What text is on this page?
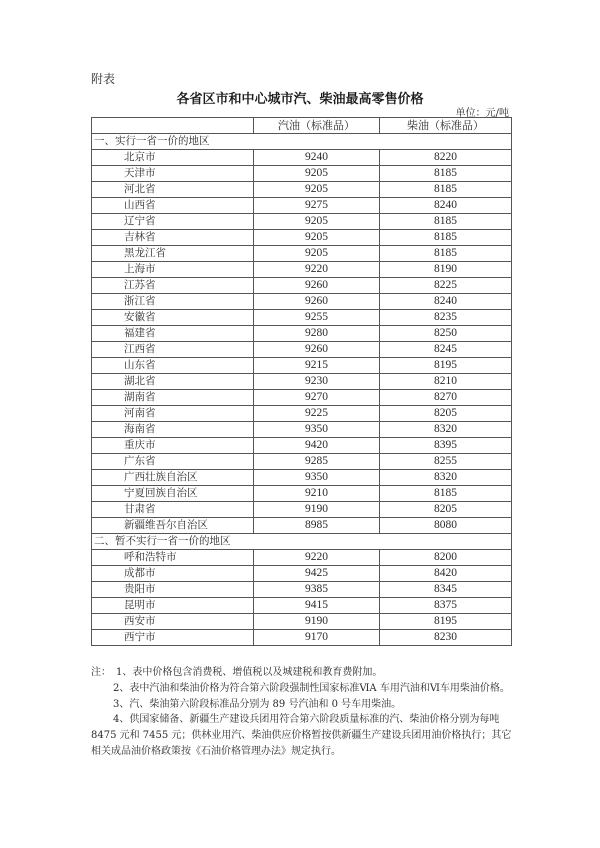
附表
各省区市和中心城市汽、柴油最高零售价格
单位：元/吨
	汽油（标准品）	柴油（标准品）
一、实行一省一价的地区		
北京市	9240	8220
天津市	9205	8185
河北省	9205	8185
山西省	9275	8240
辽宁省	9205	8185
吉林省	9205	8185
黑龙江省	9205	8185
上海市	9220	8190
江苏省	9260	8225
浙江省	9260	8240
安徽省	9255	8235
福建省	9280	8250
江西省	9260	8245
山东省	9215	8195
湖北省	9230	8210
湖南省	9270	8270
河南省	9225	8205
海南省	9350	8320
重庆市	9420	8395
广东省	9285	8255
广西壮族自治区	9350	8320
宁夏回族自治区	9210	8185
甘肃省	9190	8205
新疆维吾尔自治区	8985	8080
二、暂不实行一省一价的地区		
呼和浩特市	9220	8200
成都市	9425	8420
贵阳市	9385	8345
昆明市	9415	8375
西安市	9190	8195
西宁市	9170	8230

注：　1、表中价格包含消费税、增值税以及城建税和教育费附加。

2、表中汽油和柴油价格为符合第六阶段强制性国家标准ⅥA 车用汽油和Ⅵ车用柴油价格。

3、汽、柴油第六阶段标准品分别为 89 号汽油和 0 号车用柴油。

4、供国家储备、新疆生产建设兵团用符合第六阶段质量标准的汽、柴油价格分别为每吨 8475 元和 7455 元；供林业用汽、柴油供应价格暂按供新疆生产建设兵团用油价格执行；其它相关成品油价格政策按《石油价格管理办法》规定执行。
